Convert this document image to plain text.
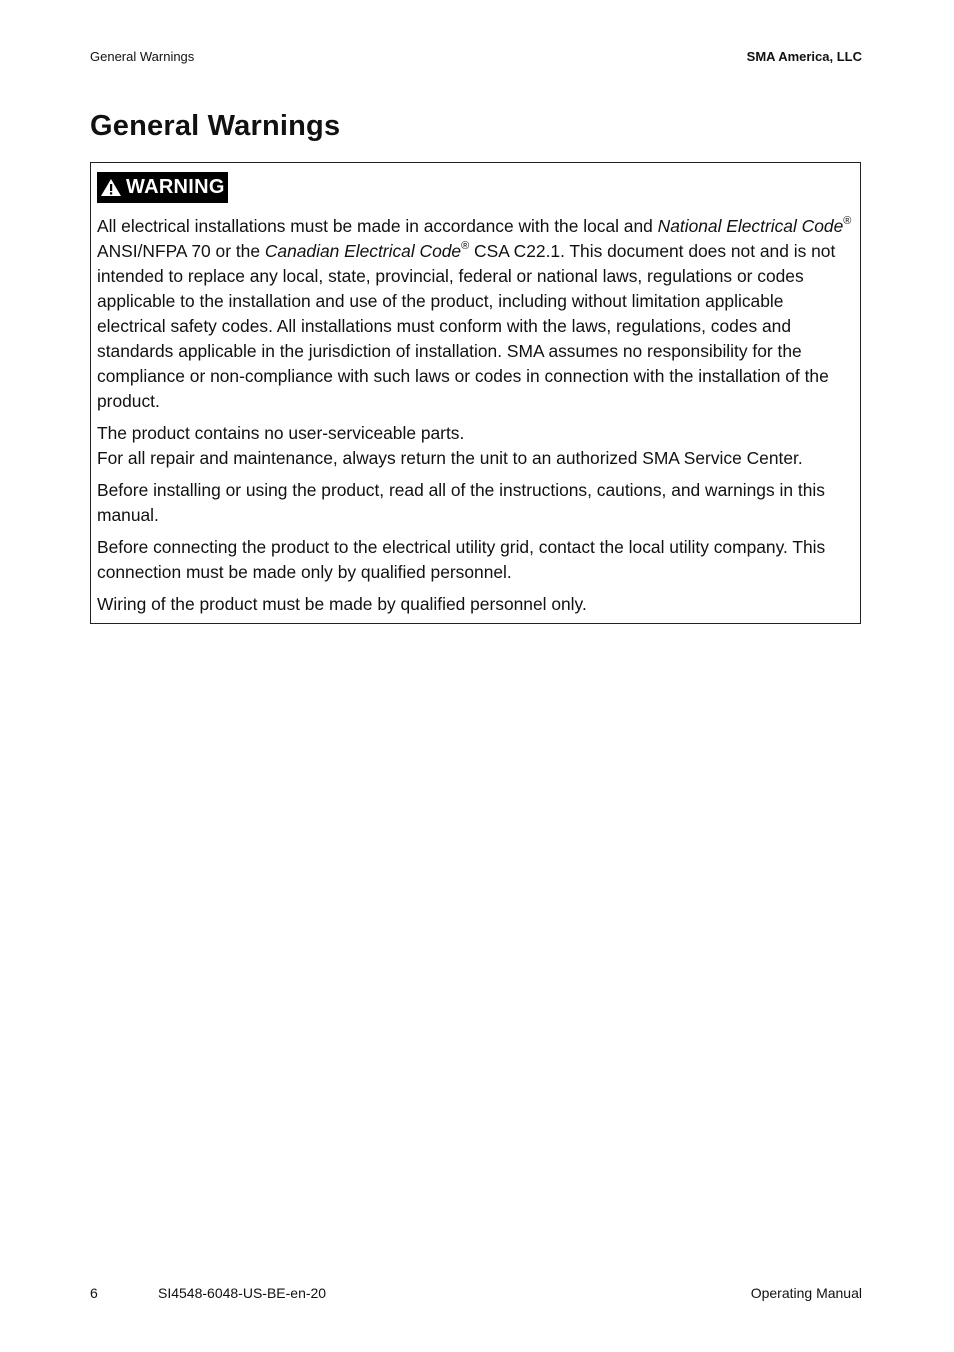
General Warnings	SMA America, LLC
General Warnings
WARNING

All electrical installations must be made in accordance with the local and National Electrical Code® ANSI/NFPA 70 or the Canadian Electrical Code® CSA C22.1. This document does not and is not intended to replace any local, state, provincial, federal or national laws, regulations or codes applicable to the installation and use of the product, including without limitation applicable electrical safety codes. All installations must conform with the laws, regulations, codes and standards applicable in the jurisdiction of installation. SMA assumes no responsibility for the compliance or non-compliance with such laws or codes in connection with the installation of the product.

The product contains no user-serviceable parts.
For all repair and maintenance, always return the unit to an authorized SMA Service Center.

Before installing or using the product, read all of the instructions, cautions, and warnings in this manual.

Before connecting the product to the electrical utility grid, contact the local utility company. This connection must be made only by qualified personnel.

Wiring of the product must be made by qualified personnel only.

6	SI4548-6048-US-BE-en-20	Operating Manual
